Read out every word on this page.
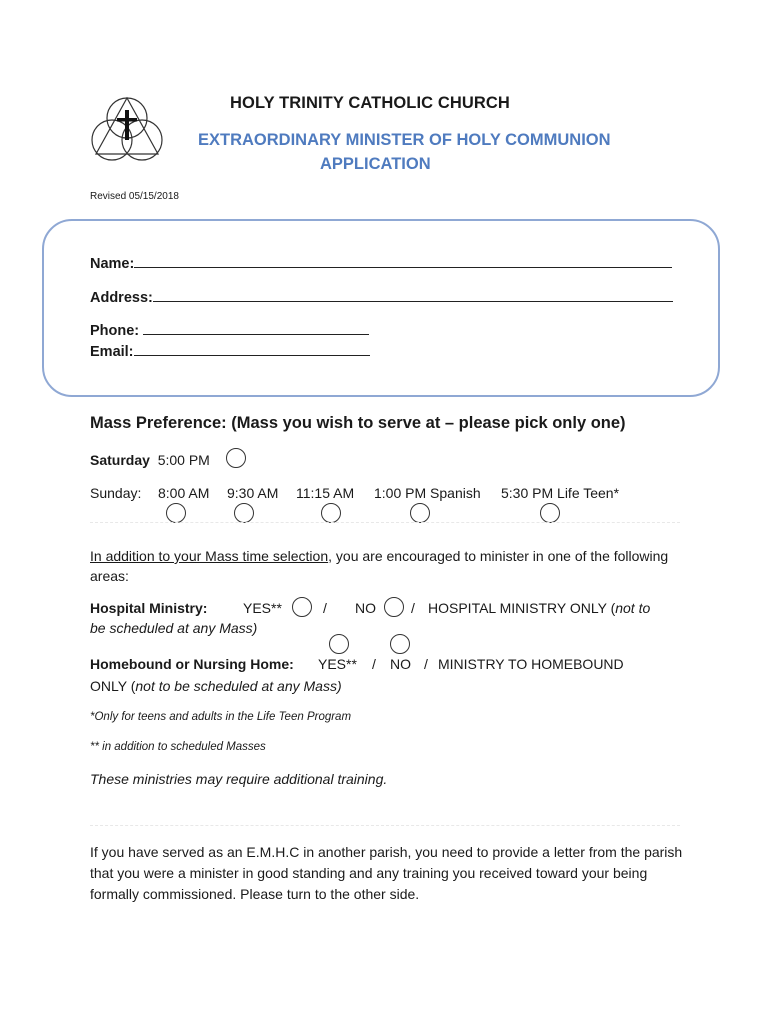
HOLY TRINITY CATHOLIC CHURCH
EXTRAORDINARY MINISTER OF HOLY COMMUNION
APPLICATION
Revised 05/15/2018
Name:
Address:
Phone:
Email:
Mass Preference: (Mass you wish to serve at – please pick only one)
Saturday 5:00 PM
Sunday: 8:00 AM 9:30 AM 11:15 AM 1:00 PM Spanish 5:30 PM Life Teen*
In addition to your Mass time selection, you are encouraged to minister in one of the following areas:
Hospital Ministry:	YES**	/ NO	/ HOSPITAL MINISTRY ONLY (not to
be scheduled at any Mass)
Homebound or Nursing Home: YES** / NO / MINISTRY TO HOMEBOUND
ONLY (not to be scheduled at any Mass)
*Only for teens and adults in the Life Teen Program
** in addition to scheduled Masses
These ministries may require additional training.
If you have served as an E.M.H.C in another parish, you need to provide a letter from the parish that you were a minister in good standing and any training you received toward your being formally commissioned. Please turn to the other side.
